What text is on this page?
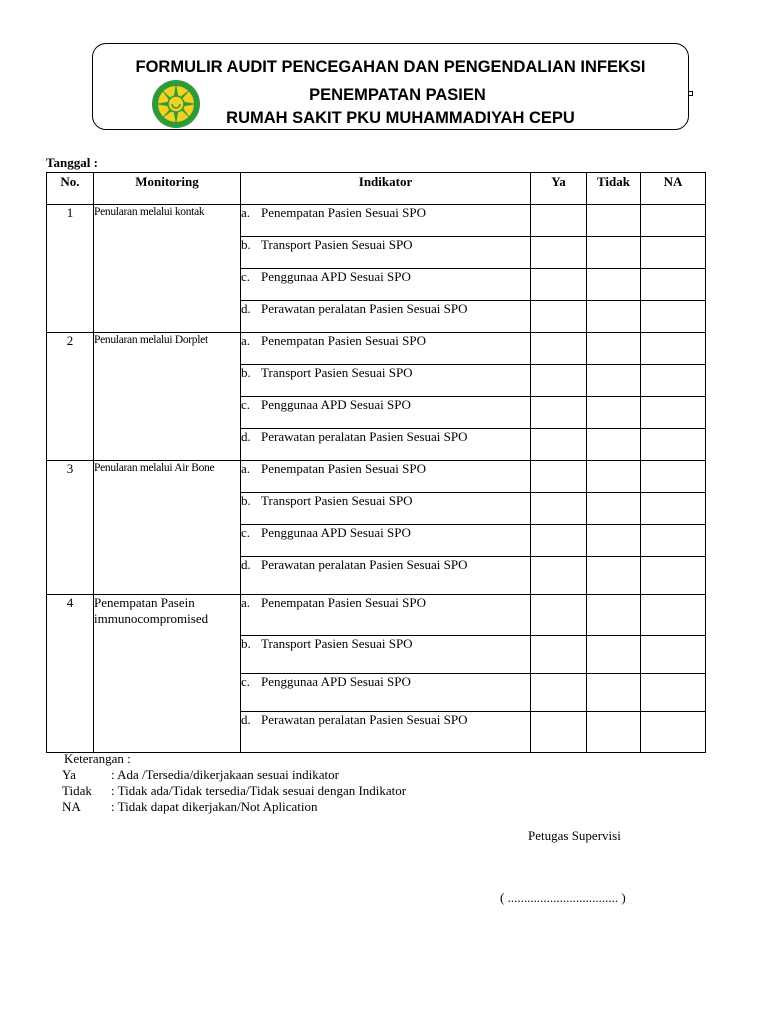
FORMULIR AUDIT PENCEGAHAN DAN PENGENDALIAN INFEKSI
PENEMPATAN PASIEN
RUMAH SAKIT PKU MUHAMMADIYAH CEPU
Tanggal :
No.	Monitoring	Indikator	Ya	Tidak	NA
1	Penularan melalui kontak	a. Penempatan Pasien Sesuai SPO			
		b. Transport Pasien Sesuai SPO			
		c. Penggunaa APD Sesuai SPO			
		d. Perawatan peralatan Pasien Sesuai SPO			
2	Penularan melalui Dorplet	a. Penempatan Pasien Sesuai SPO			
		b. Transport Pasien Sesuai SPO			
		c. Penggunaa APD Sesuai SPO			
		d. Perawatan peralatan Pasien Sesuai SPO			
3	Penularan melalui Air Bone	a. Penempatan Pasien Sesuai SPO			
		b. Transport Pasien Sesuai SPO			
		c. Penggunaa APD Sesuai SPO			
		d. Perawatan peralatan Pasien Sesuai SPO			
4	Penempatan Pasein immunocompromised	a. Penempatan Pasien Sesuai SPO			
		b. Transport Pasien Sesuai SPO			
		c. Penggunaa APD Sesuai SPO			
		d. Perawatan peralatan Pasien Sesuai SPO			
Keterangan :
Ya	: Ada /Tersedia/dikerjakaan sesuai indikator
Tidak : Tidak ada/Tidak tersedia/Tidak sesuai dengan Indikator
NA : Tidak dapat dikerjakan/Not Aplication
Petugas Supervisi
( .................................. )
